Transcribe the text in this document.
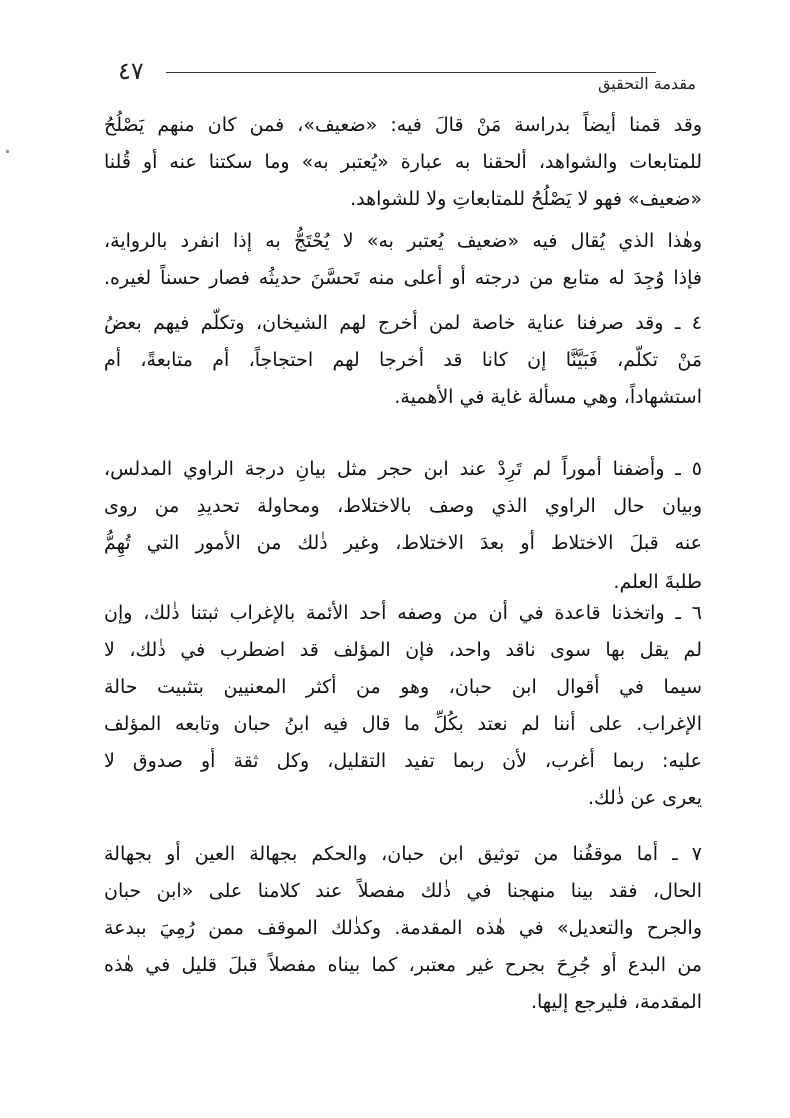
٤٧	مقدمة التحقيق
وقد قمنا أيضاً بدراسة مَنْ قالَ فيه: «ضعيف»، فمن كان منهم يَصْلُحُ
للمتابعات والشواهد، ألحقنا به عبارة «يُعتبر به» وما سكتنا عنه أو قُلنا
«ضعيف» فهو لا يَصْلُحُ للمتابعاتِ ولا للشواهد.
وهٰذا الذي يُقال فيه «ضعيف يُعتبر به» لا يُحْتَجُّ به إذا انفرد بالرواية،
فإذا وُجِدَ له متابع من درجته أو أعلى منه تَحسَّنَ حديثُه فصار حسناً لغيره.
٤ ـ وقد صرفنا عناية خاصة لمن أخرج لهم الشيخان، وتكلّم فيهم بعضُ
مَنْ تكلّم، فَبَيَّنَّا إن كانا قد أخرجا لهم احتجاجاً، أم متابعةً، أم
استشهاداً، وهي مسألة غاية في الأهمية.
٥ ـ وأضفنا أموراً لم تَرِدْ عند ابن حجر مثل بيانِ درجة الراوي المدلس،
وبيان حال الراوي الذي وصف بالاختلاط، ومحاولة تحديدِ من روى
عنه قبلَ الاختلاط أو بعدَ الاختلاط، وغير ذٰلك من الأمور التي تُهِمُّ
طلبةَ العلم.
٦ ـ واتخذنا قاعدة في أن من وصفه أحد الأئمة بالإغراب ثبتنا ذٰلك، وإن
لم يقل بها سوى ناقد واحد، فإن المؤلف قد اضطرب في ذٰلك، لا
سيما في أقوال ابن حبان، وهو من أكثر المعنيين بتثبيت حالة
الإغراب. على أننا لم نعتد بكُلِّ ما قال فيه ابنُ حبان وتابعه المؤلف
عليه: ربما أغرب، لأن ربما تفيد التقليل، وكل ثقة أو صدوق لا
يعرى عن ذٰلك.
٧ ـ أما موقفُنا من توثيق ابن حبان، والحكم بجهالة العين أو بجهالة
الحال، فقد بينا منهجنا في ذٰلك مفصلاً عند كلامنا على «ابن حبان
والجرح والتعديل» في هٰذه المقدمة. وكذٰلك الموقف ممن رُمِيَ ببدعة
من البدع أو جُرِحَ بجرح غير معتبر، كما بيناه مفصلاً قبلَ قليل في هٰذه
المقدمة، فليرجع إليها.
